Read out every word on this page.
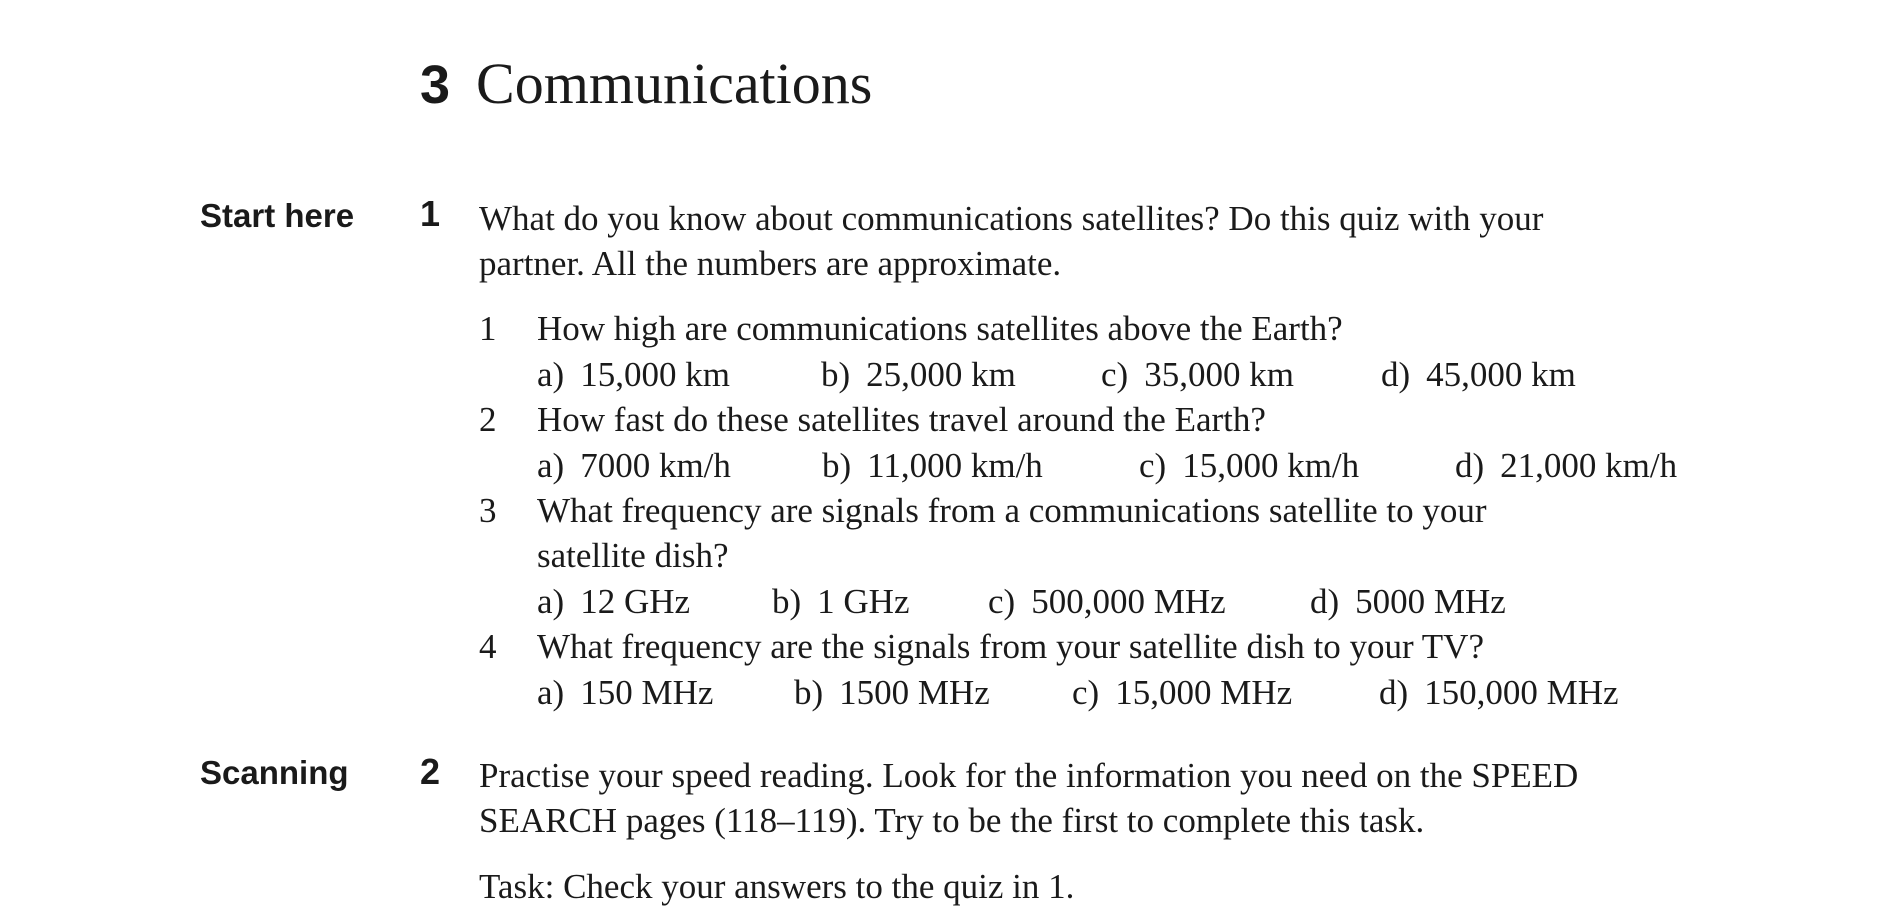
3 Communications
Start here	1 What do you know about communications satellites? Do this quiz with your
partner. All the numbers are approximate.
1 How high are communications satellites above the Earth?
a) 15,000 km	b) 25,000 km c) 35,000 km d) 45,000 km
2 How fast do these satellites travel around the Earth?
a) 7000 km/h	b) 11,000 km/h	c) 15,000 km/h	d) 21,000 km/h
3 What frequency are signals from a communications satellite to your
satellite dish?
a) 12 GHz b) 1 GHz c) 500,000 MHz d) 5000 MHz
4 What frequency are the signals from your satellite dish to your TV?
a) 150 MHz b) 1500 MHz c) 15,000 MHz d) 150,000 MHz
Scanning	2 Practise your speed reading. Look for the information you need on the SPEED
SEARCH pages (118–119). Try to be the first to complete this task.
Task: Check your answers to the quiz in 1.
